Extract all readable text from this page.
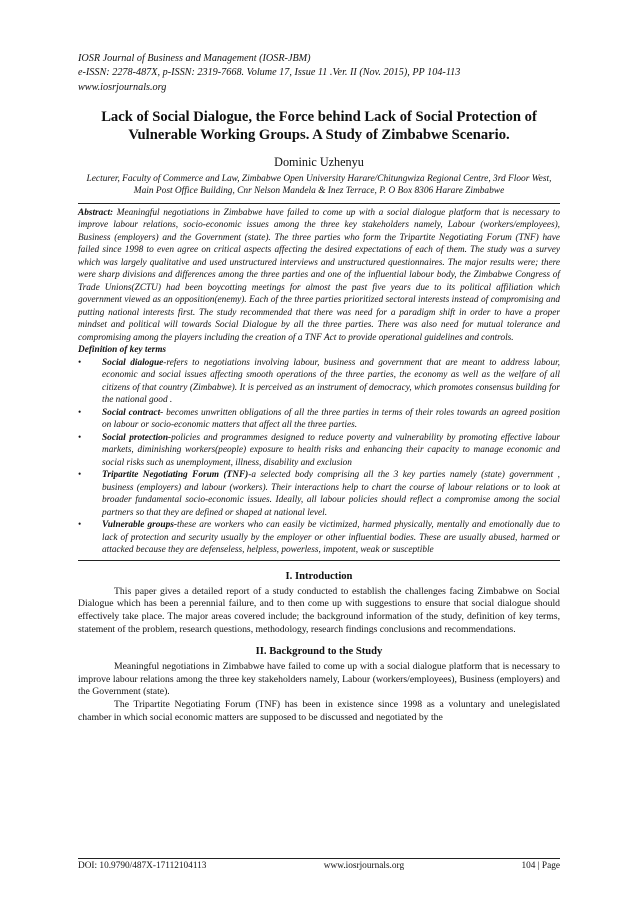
IOSR Journal of Business and Management (IOSR-JBM)
e-ISSN: 2278-487X, p-ISSN: 2319-7668. Volume 17, Issue 11 .Ver. II (Nov. 2015), PP 104-113
www.iosrjournals.org
Lack of Social Dialogue, the Force behind Lack of Social Protection of Vulnerable Working Groups. A Study of Zimbabwe Scenario.
Dominic Uzhenyu
Lecturer, Faculty of Commerce and Law, Zimbabwe Open University Harare/Chitungwiza Regional Centre, 3rd Floor West, Main Post Office Building, Cnr Nelson Mandela & Inez Terrace, P. O Box 8306 Harare Zimbabwe
Abstract: Meaningful negotiations in Zimbabwe have failed to come up with a social dialogue platform that is necessary to improve labour relations, socio-economic issues among the three key stakeholders namely, Labour (workers/employees), Business (employers) and the Government (state). The three parties who form the Tripartite Negotiating Forum (TNF) have failed since 1998 to even agree on critical aspects affecting the desired expectations of each of them. The study was a survey which was largely qualitative and used unstructured interviews and unstructured questionnaires. The major results were; there were sharp divisions and differences among the three parties and one of the influential labour body, the Zimbabwe Congress of Trade Unions(ZCTU) had been boycotting meetings for almost the past five years due to its political affiliation which government viewed as an opposition(enemy). Each of the three parties prioritized sectoral interests instead of compromising and putting national interests first. The study recommended that there was need for a paradigm shift in order to have a proper mindset and political will towards Social Dialogue by all the three parties. There was also need for mutual tolerance and compromising among the players including the creation of a TNF Act to provide operational guidelines and controls.
Definition of key terms
• Social dialogue-refers to negotiations involving labour, business and government that are meant to address labour, economic and social issues affecting smooth operations of the three parties, the economy as well as the welfare of all citizens of that country (Zimbabwe). It is perceived as an instrument of democracy, which promotes consensus building for the national good .
• Social contract- becomes unwritten obligations of all the three parties in terms of their roles towards an agreed position on labour or socio-economic matters that affect all the three parties.
• Social protection-policies and programmes designed to reduce poverty and vulnerability by promoting effective labour markets, diminishing workers(people) exposure to health risks and enhancing their capacity to manage economic and social risks such as unemployment, illness, disability and exclusion
• Tripartite Negotiating Forum (TNF)-a selected body comprising all the 3 key parties namely (state) government , business (employers) and labour (workers). Their interactions help to chart the course of labour relations or to look at broader fundamental socio-economic issues. Ideally, all labour policies should reflect a compromise among the social partners so that they are defined or shaped at national level.
• Vulnerable groups-these are workers who can easily be victimized, harmed physically, mentally and emotionally due to lack of protection and security usually by the employer or other influential bodies. These are usually abused, harmed or attacked because they are defenseless, helpless, powerless, impotent, weak or susceptible
I. Introduction
This paper gives a detailed report of a study conducted to establish the challenges facing Zimbabwe on Social Dialogue which has been a perennial failure, and to then come up with suggestions to ensure that social dialogue should effectively take place. The major areas covered include; the background information of the study, definition of key terms, statement of the problem, research questions, methodology, research findings conclusions and recommendations.
II. Background to the Study
Meaningful negotiations in Zimbabwe have failed to come up with a social dialogue platform that is necessary to improve labour relations among the three key stakeholders namely, Labour (workers/employees), Business (employers) and the Government (state).
The Tripartite Negotiating Forum (TNF) has been in existence since 1998 as a voluntary and unelegislated chamber in which social economic matters are supposed to be discussed and negotiated by the
DOI: 10.9790/487X-17112104113	www.iosrjournals.org	104 | Page
